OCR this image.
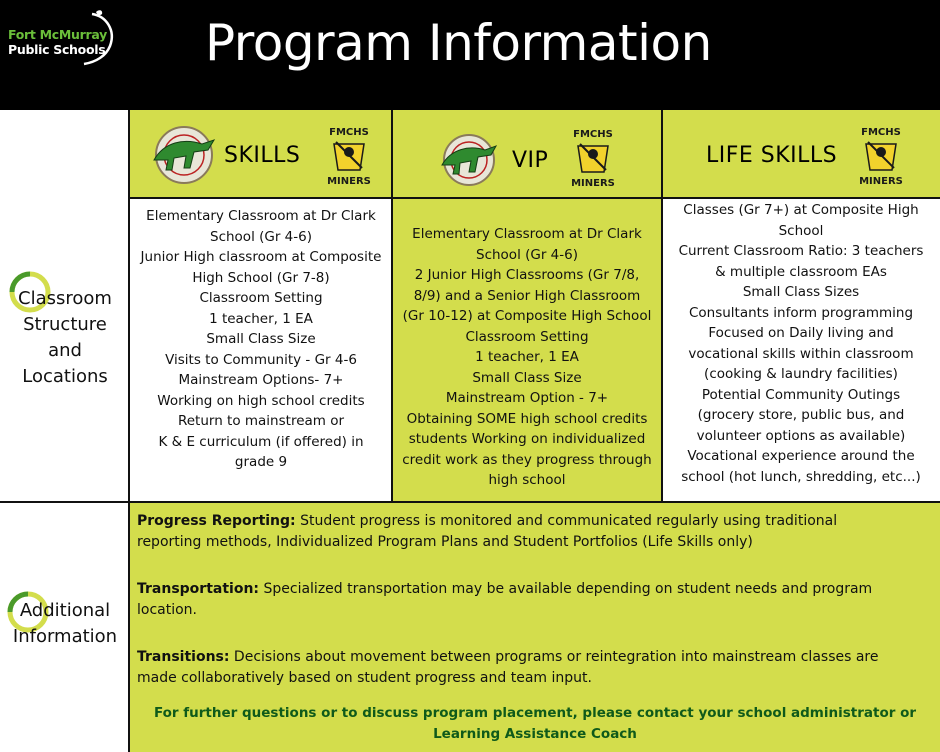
Fort McMurray
Public Schools Program Information
SKILLS
FMCHS
MINERS
VIP
FMCHS
MINERS
LIFE SKILLS
FMCHS
MINERS
Elementary Classroom at Dr Clark
School (Gr 4-6)
Junior High classroom at Composite
High School (Gr 7-8)
Classroom Setting
1 teacher, 1 EA
Small Class Size
Visits to Community - Gr 4-6
Mainstream Options- 7+
Working on high school credits
Return to mainstream or
K & E curriculum (if offered) in
grade 9
Elementary Classroom at Dr Clark
School (Gr 4-6)
2 Junior High Classrooms (Gr 7/8,
8/9) and a Senior High Classroom
(Gr 10-12) at Composite High School
Classroom Setting
1 teacher, 1 EA
Small Class Size
Mainstream Option - 7+
Obtaining SOME high school credits
students Working on individualized
credit work as they progress through
high school
Classes (Gr 7+) at Composite High
School
Current Classroom Ratio: 3 teachers
& multiple classroom EAs
Small Class Sizes
Consultants inform programming
Focused on Daily living and
vocational skills within classroom
(cooking & laundry facilities)
Potential Community Outings
(grocery store, public bus, and
volunteer options as available)
Vocational experience around the
school (hot lunch, shredding, etc...)
Classroom
Structure
and
Locations
Additional
Information
Progress Reporting: Student progress is monitored and communicated regularly using traditional
reporting methods, Individualized Program Plans and Student Portfolios (Life Skills only)
Transportation: Specialized transportation may be available depending on student needs and program
location.
Transitions: Decisions about movement between programs or reintegration into mainstream classes are
made collaboratively based on student progress and team input.
For further questions or to discuss program placement, please contact your school administrator or
Learning Assistance Coach
